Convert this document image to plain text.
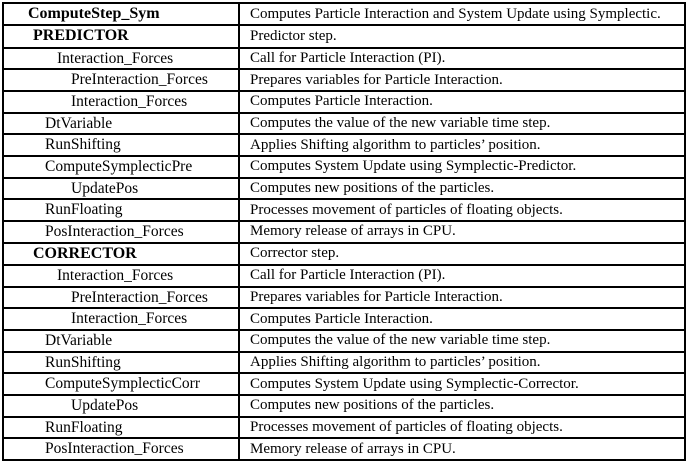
ComputeStep_Sym	Computes Particle Interaction and System Update using Symplectic.

PREDICTOR	Predictor step.

Interaction_Forces	Call for Particle Interaction (PI).

PreInteraction_Forces	Prepares variables for Particle Interaction.

Interaction_Forces	Computes Particle Interaction.

DtVariable	Computes the value of the new variable time step.

RunShifting	Applies Shifting algorithm to particles’ position.

ComputeSymplecticPre	Computes System Update using Symplectic-Predictor.

UpdatePos	Computes new positions of the particles.

RunFloating	Processes movement of particles of floating objects.

PosInteraction_Forces	Memory release of arrays in CPU.

CORRECTOR	Corrector step.

Interaction_Forces	Call for Particle Interaction (PI).

PreInteraction_Forces	Prepares variables for Particle Interaction.

Interaction_Forces	Computes Particle Interaction.

DtVariable	Computes the value of the new variable time step.

RunShifting	Applies Shifting algorithm to particles’ position.

ComputeSymplecticCorr	Computes System Update using Symplectic-Corrector.

UpdatePos	Computes new positions of the particles.

RunFloating	Processes movement of particles of floating objects.

PosInteraction_Forces	Memory release of arrays in CPU.
